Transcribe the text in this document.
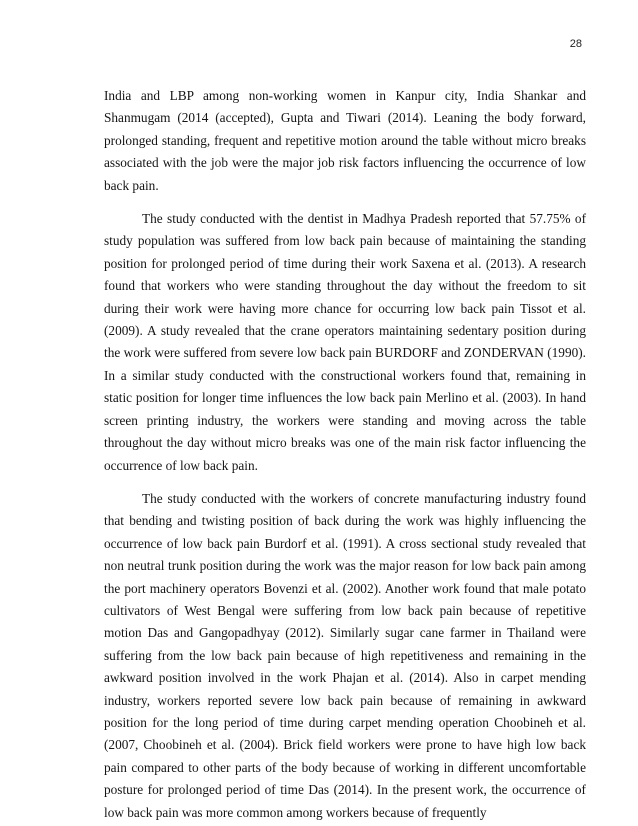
28

India and LBP among non-working women in Kanpur city, India Shankar and Shanmugam (2014 (accepted), Gupta and Tiwari (2014). Leaning the body forward, prolonged standing, frequent and repetitive motion around the table without micro breaks associated with the job were the major job risk factors influencing the occurrence of low back pain.

The study conducted with the dentist in Madhya Pradesh reported that 57.75% of study population was suffered from low back pain because of maintaining the standing position for prolonged period of time during their work Saxena et al. (2013). A research found that workers who were standing throughout the day without the freedom to sit during their work were having more chance for occurring low back pain Tissot et al. (2009). A study revealed that the crane operators maintaining sedentary position during the work were suffered from severe low back pain BURDORF and ZONDERVAN (1990). In a similar study conducted with the constructional workers found that, remaining in static position for longer time influences the low back pain Merlino et al. (2003). In hand screen printing industry, the workers were standing and moving across the table throughout the day without micro breaks was one of the main risk factor influencing the occurrence of low back pain.

The study conducted with the workers of concrete manufacturing industry found that bending and twisting position of back during the work was highly influencing the occurrence of low back pain Burdorf et al. (1991). A cross sectional study revealed that non neutral trunk position during the work was the major reason for low back pain among the port machinery operators Bovenzi et al. (2002). Another work found that male potato cultivators of West Bengal were suffering from low back pain because of repetitive motion Das and Gangopadhyay (2012). Similarly sugar cane farmer in Thailand were suffering from the low back pain because of high repetitiveness and remaining in the awkward position involved in the work Phajan et al. (2014). Also in carpet mending industry, workers reported severe low back pain because of remaining in awkward position for the long period of time during carpet mending operation Choobineh et al. (2007, Choobineh et al. (2004). Brick field workers were prone to have high low back pain compared to other parts of the body because of working in different uncomfortable posture for prolonged period of time Das (2014). In the present work, the occurrence of low back pain was more common among workers because of frequently
